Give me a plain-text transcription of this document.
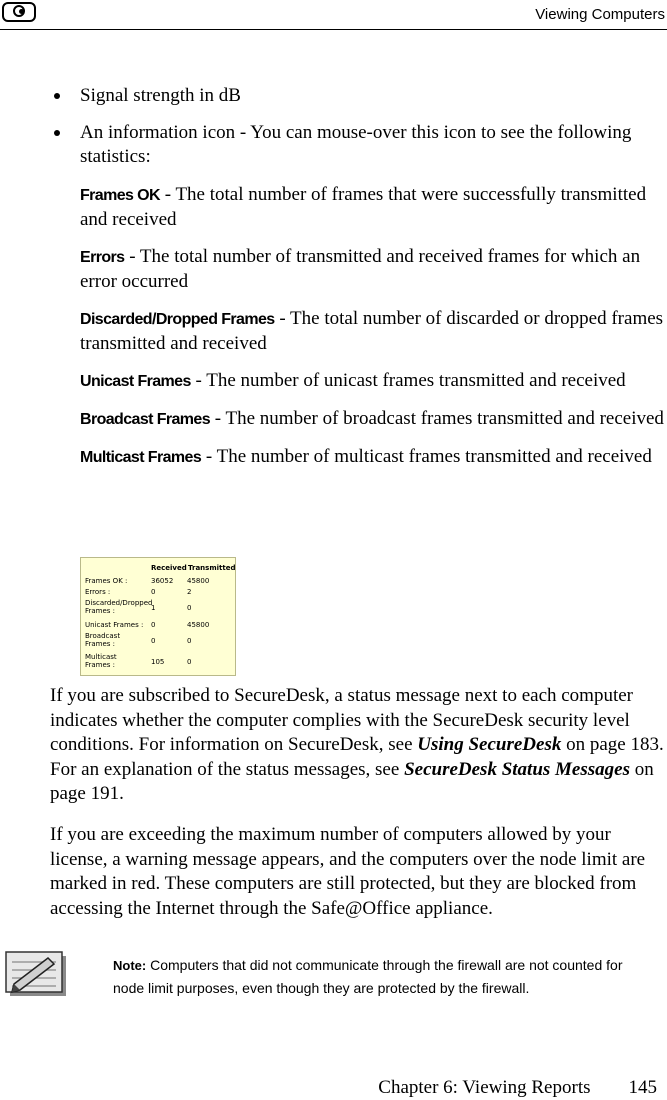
Viewing Computers
Signal strength in dB
An information icon - You can mouse-over this icon to see the following statistics:
Frames OK - The total number of frames that were successfully transmitted and received
Errors - The total number of transmitted and received frames for which an error occurred
Discarded/Dropped Frames - The total number of discarded or dropped frames transmitted and received
Unicast Frames - The number of unicast frames transmitted and received
Broadcast Frames - The number of broadcast frames transmitted and received
Multicast Frames - The number of multicast frames transmitted and received
Received Transmitted
Frames OK :	36052 45800
Errors :	0	2
Discarded/Dropped Frames :	1	0
Unicast Frames :	0	45800
Broadcast Frames :	0	0
Multicast Frames :	105	0

If you are subscribed to SecureDesk, a status message next to each computer indicates whether the computer complies with the SecureDesk security level conditions. For information on SecureDesk, see Using SecureDesk on page 183. For an explanation of the status messages, see SecureDesk Status Messages on page 191.

If you are exceeding the maximum number of computers allowed by your license, a warning message appears, and the computers over the node limit are marked in red. These computers are still protected, but they are blocked from accessing the Internet through the Safe@Office appliance.

Note: Computers that did not communicate through the firewall are not counted for node limit purposes, even though they are protected by the firewall.

Chapter 6: Viewing Reports 145
